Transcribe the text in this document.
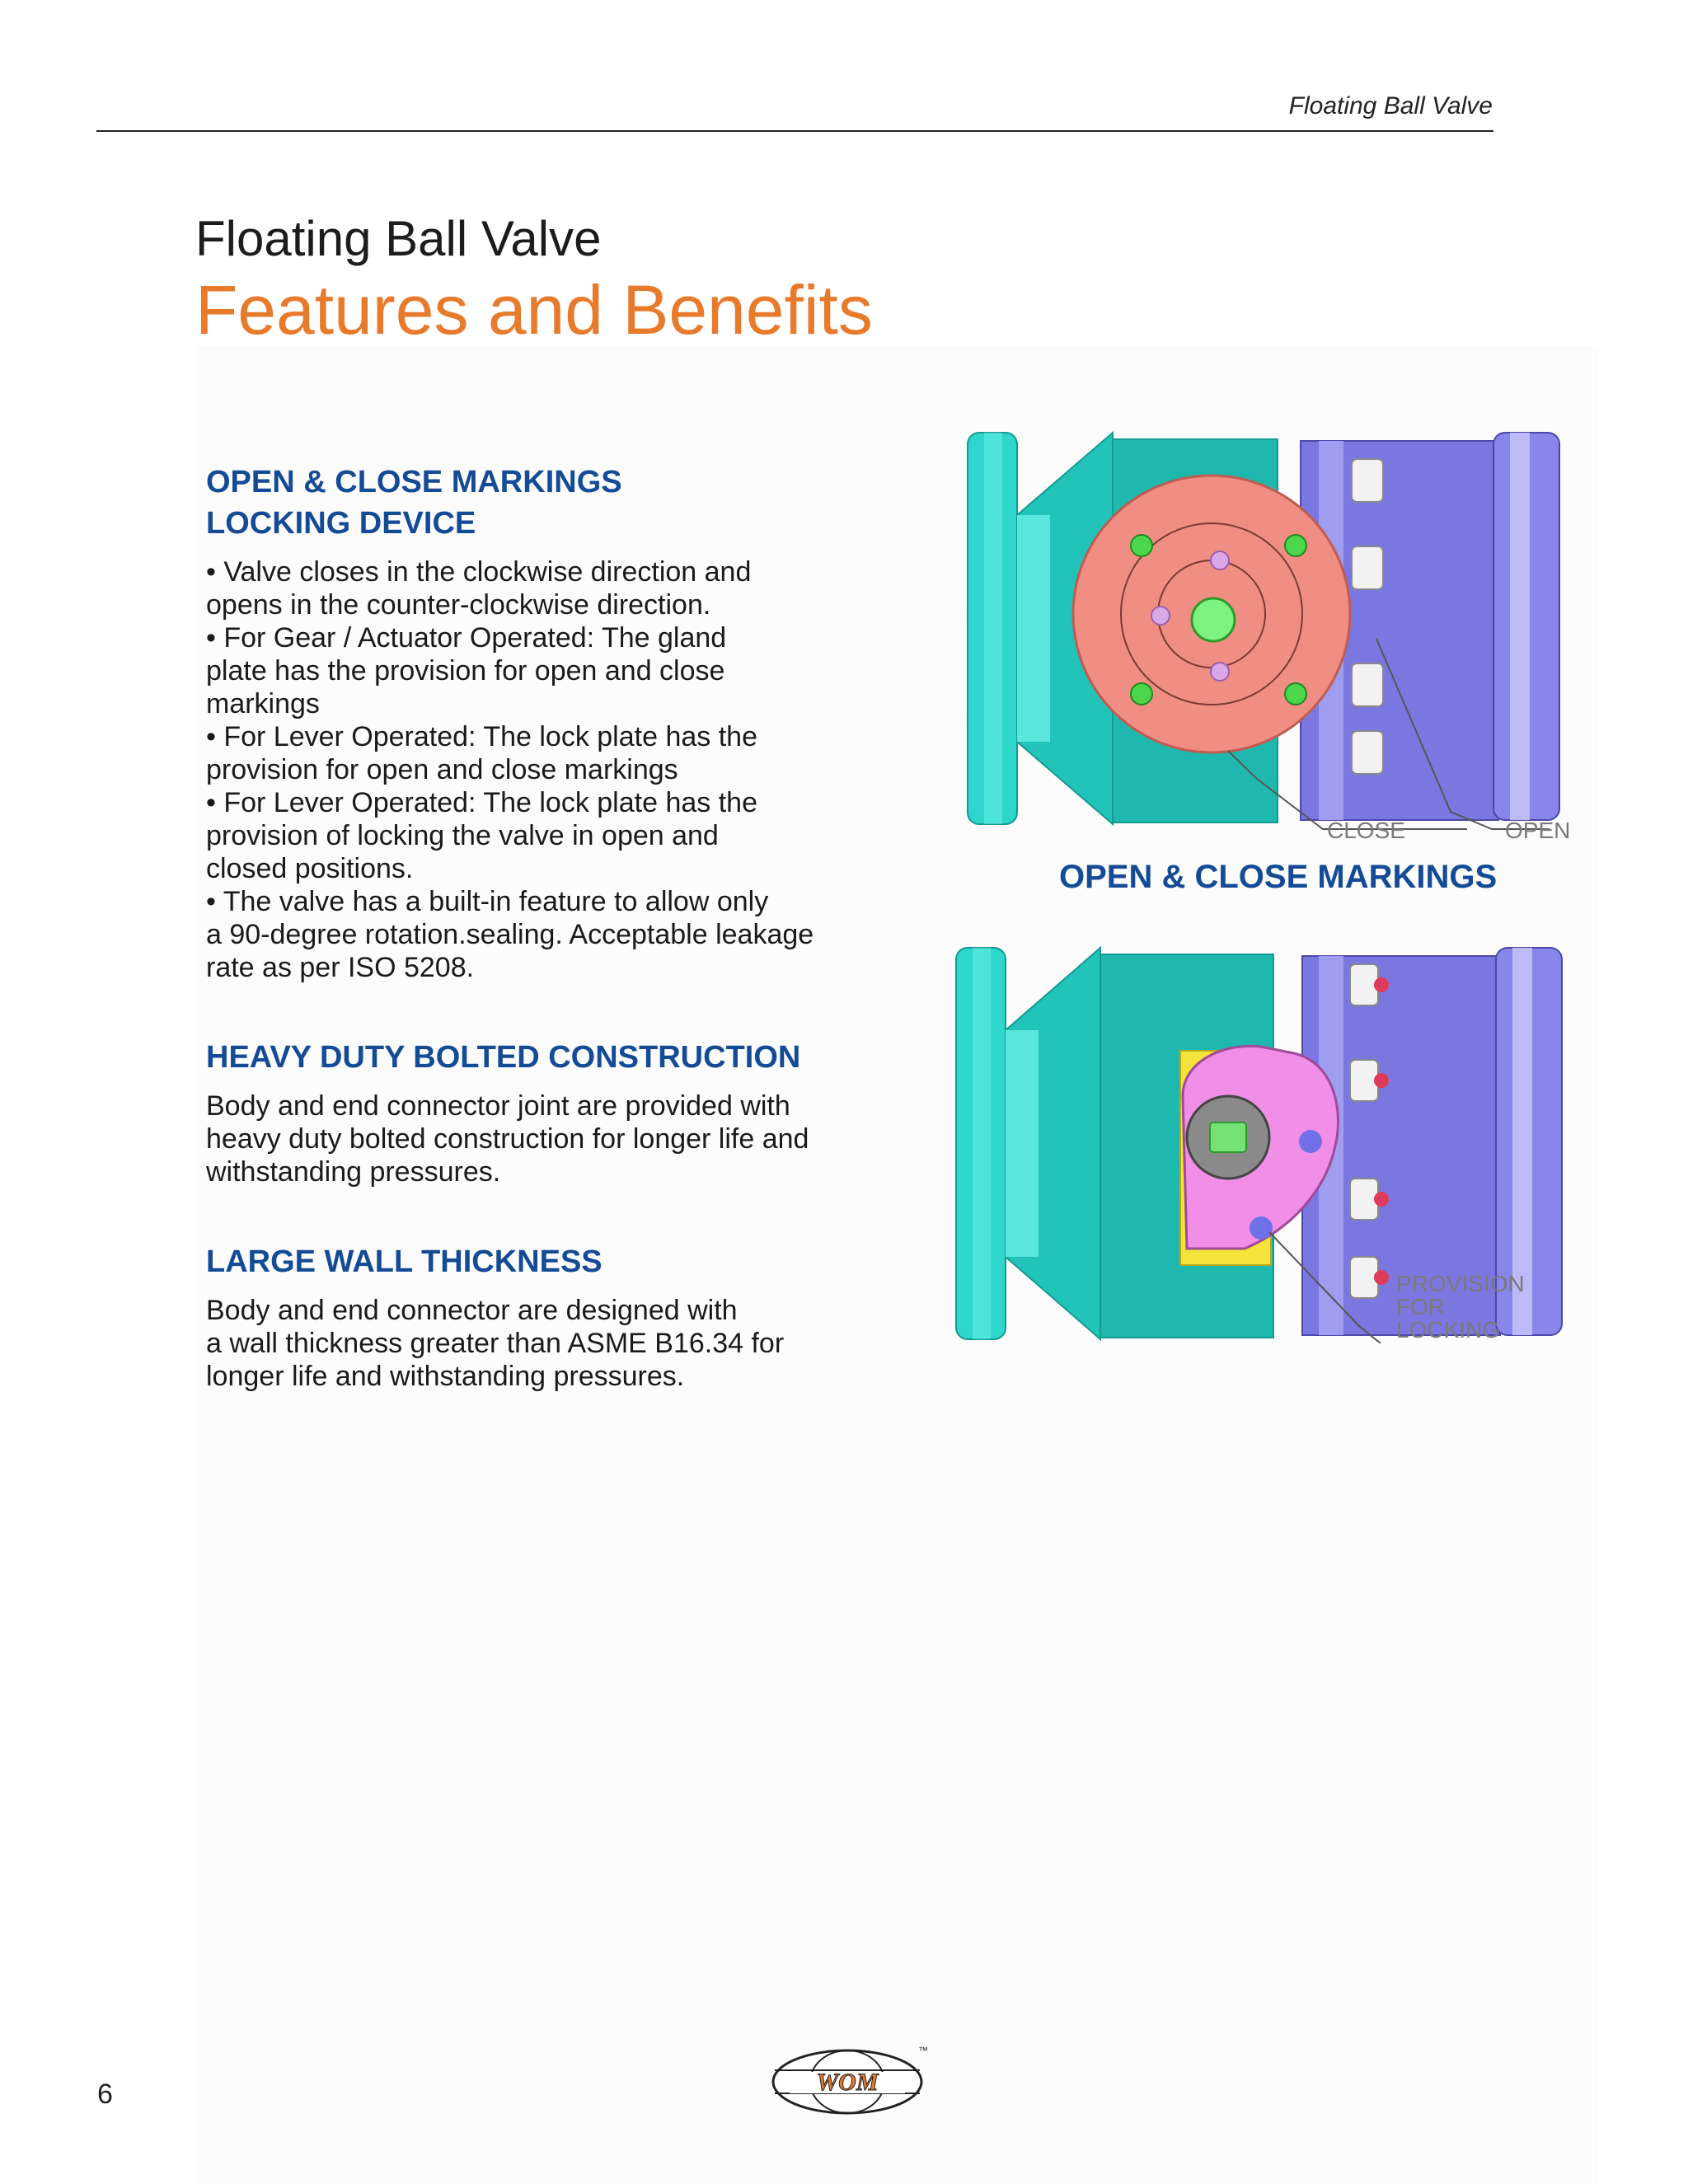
Floating Ball Valve
Floating Ball Valve
Features and Benefits
OPEN & CLOSE MARKINGS
LOCKING DEVICE

• Valve closes in the clockwise direction and

opens in the counter-clockwise direction.

• For Gear / Actuator Operated: The gland

plate has the provision for open and close

markings

• For Lever Operated: The lock plate has the

provision for open and close markings

• For Lever Operated: The lock plate has the

provision of locking the valve in open and

closed positions.

• The valve has a built-in feature to allow only

a 90-degree rotation.sealing. Acceptable leakage

rate as per ISO 5208.

HEAVY DUTY BOLTED CONSTRUCTION

Body and end connector joint are provided with

heavy duty bolted construction for longer life and

withstanding pressures.

LARGE WALL THICKNESS

Body and end connector are designed with

a wall thickness greater than ASME B16.34 for

longer life and withstanding pressures.

CLOSE	OPEN
OPEN & CLOSE MARKINGS
PROVISION
FOR
LOCKING
6	WOM
™
